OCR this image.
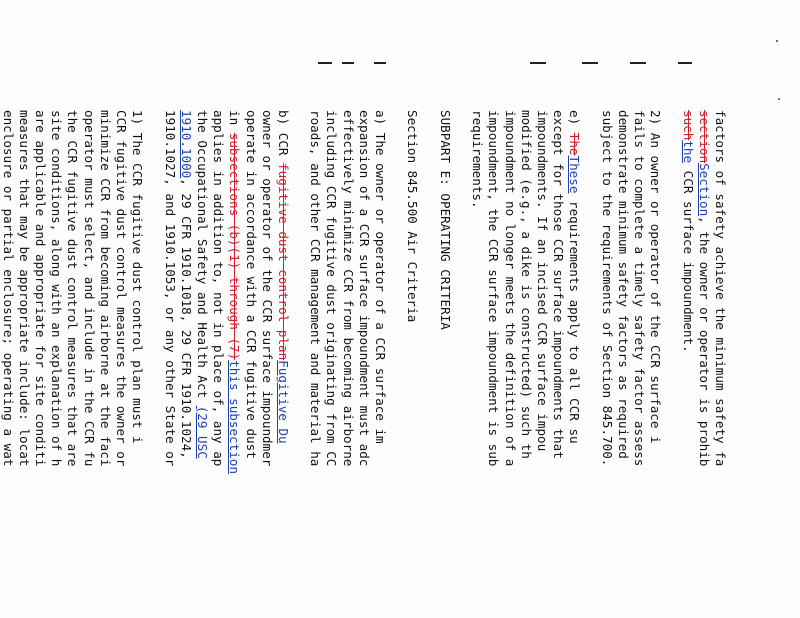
factors of safety achieve the minimum safety fa
sectionSection, the owner or operator is prohib
suchthe CCR surface impoundment.
2) An owner or operator of the CCR surface i
fails to complete a timely safety factor assess
demonstrate minimum safety factors as required
subject to the requirements of Section 845.700.
e) TheThese requirements apply to all CCR su
except for those CCR surface impoundments that
impoundments. If an incised CCR surface impou
modified (e.g., a dike is constructed) such th
impoundment no longer meets the definition of a
impoundment, the CCR surface impoundment is sub
requirements.
SUBPART E: OPERATING CRITERIA
Section 845.500 Air Criteria
a) The owner or operator of a CCR surface im
expansion of a CCR surface impoundment must adc
effectively minimize CCR from becoming airborne
including CCR fugitive dust originating from CC
roads, and other CCR management and material ha
b) CCR fugitive dust control planFugitive Du
owner or operator of the CCR surface impoundmer
operate in accordance with a CCR fugitive dust
in subsections (b)(1) through (7)this subsection
applies in addition to, not in place of, any ap
the Occupational Safety and Health Act (29 USC
1910.1000, 29 CFR 1910.1018, 29 CFR 1910.1024,
1910.1027, and 1910.1053, or any other State or
1) The CCR fugitive dust control plan must i
CCR fugitive dust control measures the owner or
minimize CCR from becoming airborne at the faci
operator must select, and include in the CCR fu
the CCR fugitive dust control measures that are
site conditions, along with an explanation of h
are applicable and appropriate for site conditi
measures that may be appropriate include: locat
enclosure or partial enclosure; operating a wat
